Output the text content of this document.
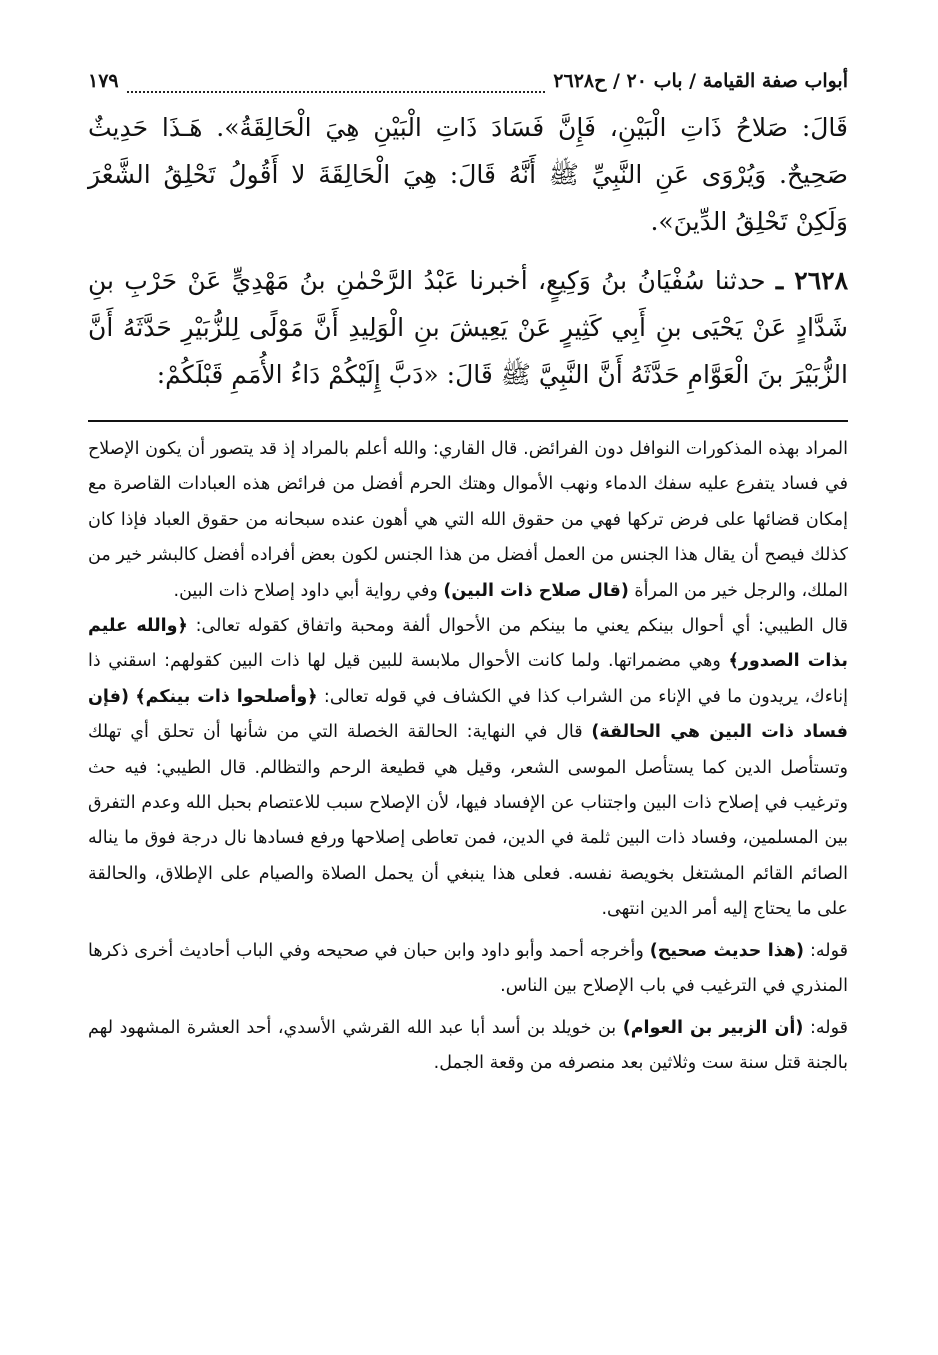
أبواب صفة القيامة / باب ٢٠ / ح٢٦٢٨
١٧٩

قَالَ: صَلاحُ ذَاتِ الْبَيْنِ، فَإِنَّ فَسَادَ ذَاتِ الْبَيْنِ هِيَ الْحَالِقَةُ». هَـذَا حَدِيثٌ صَحِيحٌ. وَيُرْوَى عَنِ النَّبِيِّ ﷺ أَنَّهُ قَالَ: هِيَ الْحَالِقَةَ لا أَقُولُ تَحْلِقُ الشَّعْرَ وَلَكِنْ تَحْلِقُ الدِّينَ».

٢٦٢٨ ـ حدثنا سُفْيَانُ بنُ وَكِيعٍ، أخبرنا عَبْدُ الرَّحْمٰنِ بنُ مَهْدِيٍّ عَنْ حَرْبِ بنِ شَدَّادٍ عَنْ يَحْيَى بنِ أَبِي كَثِيرٍ عَنْ يَعِيشَ بنِ الْوَلِيدِ أَنَّ مَوْلًى لِلزُّبَيْرِ حَدَّثَهُ أَنَّ الزُّبَيْرَ بنَ الْعَوَّامِ حَدَّثَهُ أَنَّ النَّبِيَّ ﷺ قَالَ: «دَبَّ إِلَيْكُمْ دَاءُ الأُمَمِ قَبْلَكُمْ:

المراد بهذه المذكورات النوافل دون الفرائض. قال القاري: والله أعلم بالمراد إذ قد يتصور أن يكون الإصلاح في فساد يتفرع عليه سفك الدماء ونهب الأموال وهتك الحرم أفضل من فرائض هذه العبادات القاصرة مع إمكان قضائها على فرض تركها فهي من حقوق الله التي هي أهون عنده سبحانه من حقوق العباد فإذا كان كذلك فيصح أن يقال هذا الجنس من العمل أفضل من هذا الجنس لكون بعض أفراده أفضل كالبشر خير من الملك، والرجل خير من المرأة (قال صلاح ذات البين) وفي رواية أبي داود إصلاح ذات البين.

قال الطيبي: أي أحوال بينكم يعني ما بينكم من الأحوال ألفة ومحبة واتفاق كقوله تعالى: ﴿والله عليم بذات الصدور﴾ وهي مضمراتها. ولما كانت الأحوال ملابسة للبين قيل لها ذات البين كقولهم: اسقني ذا إناءك، يريدون ما في الإناء من الشراب كذا في الكشاف في قوله تعالى: ﴿وأصلحوا ذات بينكم﴾ (فإن فساد ذات البين هي الحالقة) قال في النهاية: الحالقة الخصلة التي من شأنها أن تحلق أي تهلك وتستأصل الدين كما يستأصل الموسى الشعر، وقيل هي قطيعة الرحم والتظالم. قال الطيبي: فيه حث وترغيب في إصلاح ذات البين واجتناب عن الإفساد فيها، لأن الإصلاح سبب للاعتصام بحبل الله وعدم التفرق بين المسلمين، وفساد ذات البين ثلمة في الدين، فمن تعاطى إصلاحها ورفع فسادها نال درجة فوق ما يناله الصائم القائم المشتغل بخويصة نفسه. فعلى هذا ينبغي أن يحمل الصلاة والصيام على الإطلاق، والحالقة على ما يحتاج إليه أمر الدين انتهى.

قوله: (هذا حديث صحيح) وأخرجه أحمد وأبو داود وابن حبان في صحيحه وفي الباب أحاديث أخرى ذكرها المنذري في الترغيب في باب الإصلاح بين الناس.

قوله: (أن الزبير بن العوام) بن خويلد بن أسد أبا عبد الله القرشي الأسدي، أحد العشرة المشهود لهم بالجنة قتل سنة ست وثلاثين بعد منصرفه من وقعة الجمل.
